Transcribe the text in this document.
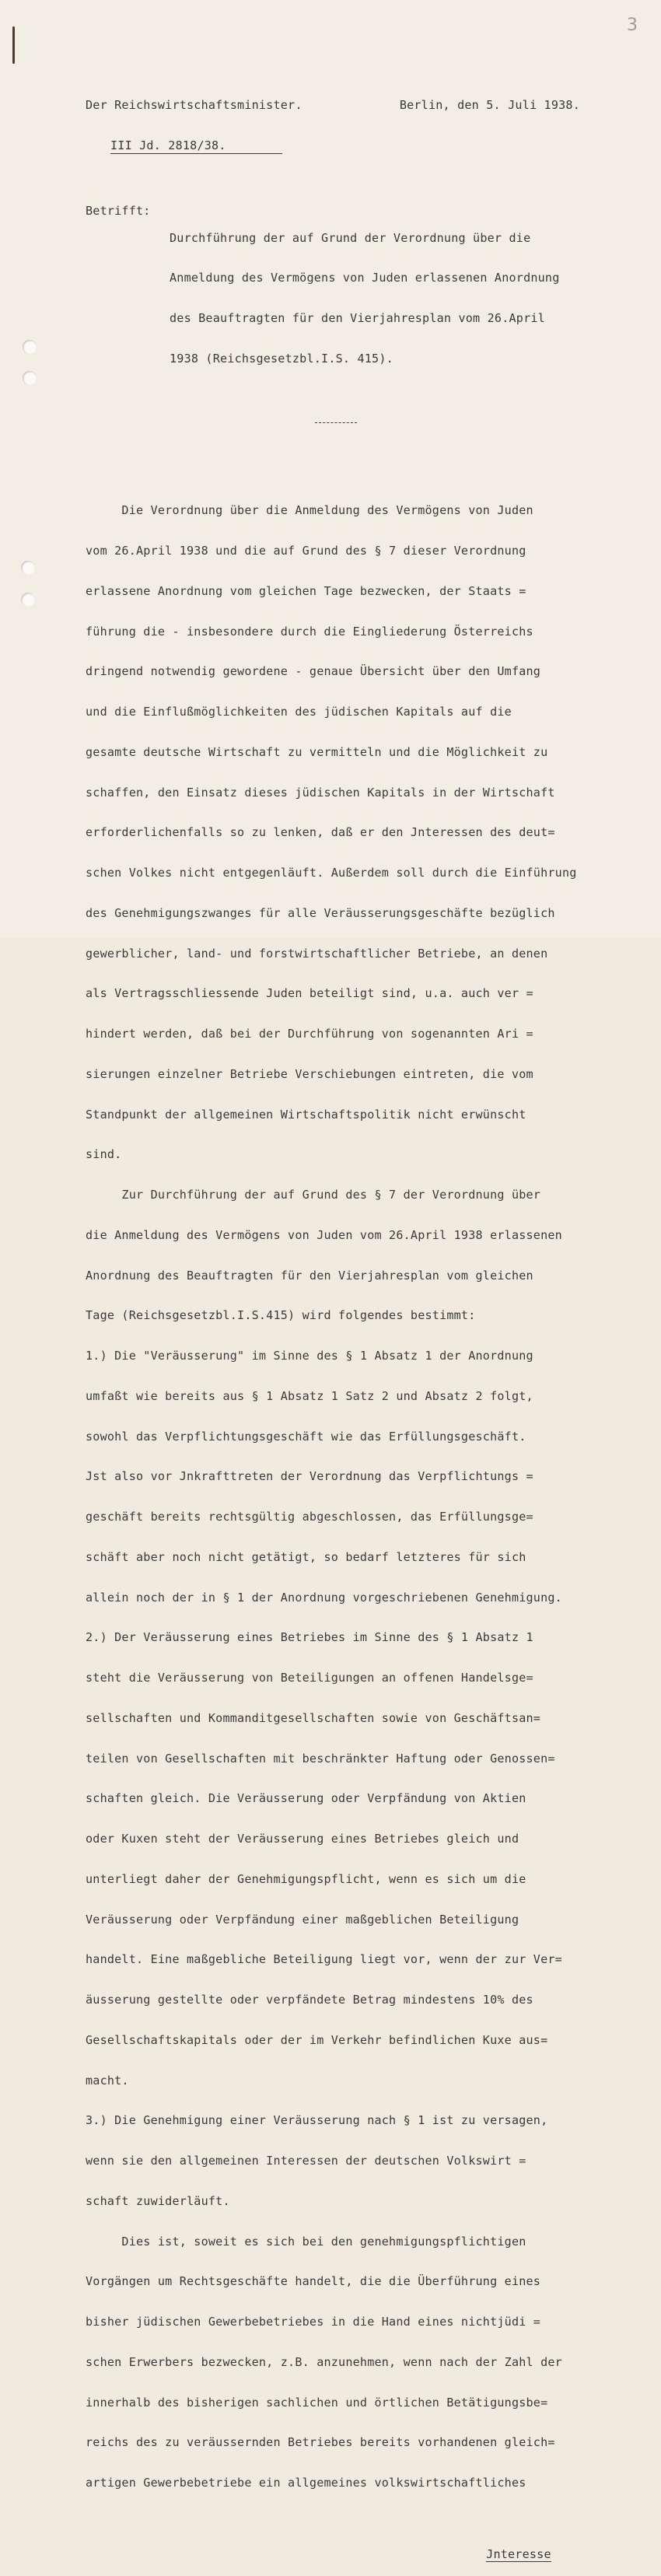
3

Der Reichswirtschaftsminister.	Berlin, den 5. Juli 1938.

III Jd. 2818/38.

Betrifft:

Durchführung der auf Grund der Verordnung über die

Anmeldung des Vermögens von Juden erlassenen Anordnung

des Beauftragten für den Vierjahresplan vom 26.April

1938 (Reichsgesetzbl.I.S. 415).

Die Verordnung über die Anmeldung des Vermögens von Juden

vom 26.April 1938 und die auf Grund des § 7 dieser Verordnung

erlassene Anordnung vom gleichen Tage bezwecken, der Staats =

führung die - insbesondere durch die Eingliederung Österreichs

dringend notwendig gewordene - genaue Übersicht über den Umfang

und die Einflußmöglichkeiten des jüdischen Kapitals auf die

gesamte deutsche Wirtschaft zu vermitteln und die Möglichkeit zu

schaffen, den Einsatz dieses jüdischen Kapitals in der Wirtschaft

erforderlichenfalls so zu lenken, daß er den Jnteressen des deut=

schen Volkes nicht entgegenläuft. Außerdem soll durch die Einführung

des Genehmigungszwanges für alle Veräusserungsgeschäfte bezüglich

gewerblicher, land- und forstwirtschaftlicher Betriebe, an denen

als Vertragsschliessende Juden beteiligt sind, u.a. auch ver =

hindert werden, daß bei der Durchführung von sogenannten Ari =

sierungen einzelner Betriebe Verschiebungen eintreten, die vom

Standpunkt der allgemeinen Wirtschaftspolitik nicht erwünscht

sind.

Zur Durchführung der auf Grund des § 7 der Verordnung über

die Anmeldung des Vermögens von Juden vom 26.April 1938 erlassenen

Anordnung des Beauftragten für den Vierjahresplan vom gleichen

Tage (Reichsgesetzbl.I.S.415) wird folgendes bestimmt:

1.) Die "Veräusserung" im Sinne des § 1 Absatz 1 der Anordnung

umfaßt wie bereits aus § 1 Absatz 1 Satz 2 und Absatz 2 folgt,

sowohl das Verpflichtungsgeschäft wie das Erfüllungsgeschäft.

Jst also vor Jnkrafttreten der Verordnung das Verpflichtungs =

geschäft bereits rechtsgültig abgeschlossen, das Erfüllungsge=

schäft aber noch nicht getätigt, so bedarf letzteres für sich

allein noch der in § 1 der Anordnung vorgeschriebenen Genehmigung.

2.) Der Veräusserung eines Betriebes im Sinne des § 1 Absatz 1

steht die Veräusserung von Beteiligungen an offenen Handelsge=

sellschaften und Kommanditgesellschaften sowie von Geschäftsan=

teilen von Gesellschaften mit beschränkter Haftung oder Genossen=

schaften gleich. Die Veräusserung oder Verpfändung von Aktien

oder Kuxen steht der Veräusserung eines Betriebes gleich und

unterliegt daher der Genehmigungspflicht, wenn es sich um die

Veräusserung oder Verpfändung einer maßgeblichen Beteiligung

handelt. Eine maßgebliche Beteiligung liegt vor, wenn der zur Ver=

äusserung gestellte oder verpfändete Betrag mindestens 10% des

Gesellschaftskapitals oder der im Verkehr befindlichen Kuxe aus=

macht.

3.) Die Genehmigung einer Veräusserung nach § 1 ist zu versagen,

wenn sie den allgemeinen Interessen der deutschen Volkswirt =

schaft zuwiderläuft.

Dies ist, soweit es sich bei den genehmigungspflichtigen

Vorgängen um Rechtsgeschäfte handelt, die die Überführung eines

bisher jüdischen Gewerbebetriebes in die Hand eines nichtjüdi =

schen Erwerbers bezwecken, z.B. anzunehmen, wenn nach der Zahl der

innerhalb des bisherigen sachlichen und örtlichen Betätigungsbe=

reichs des zu veräussernden Betriebes bereits vorhandenen gleich=

artigen Gewerbebetriebe ein allgemeines volkswirtschaftliches

Jnteresse
